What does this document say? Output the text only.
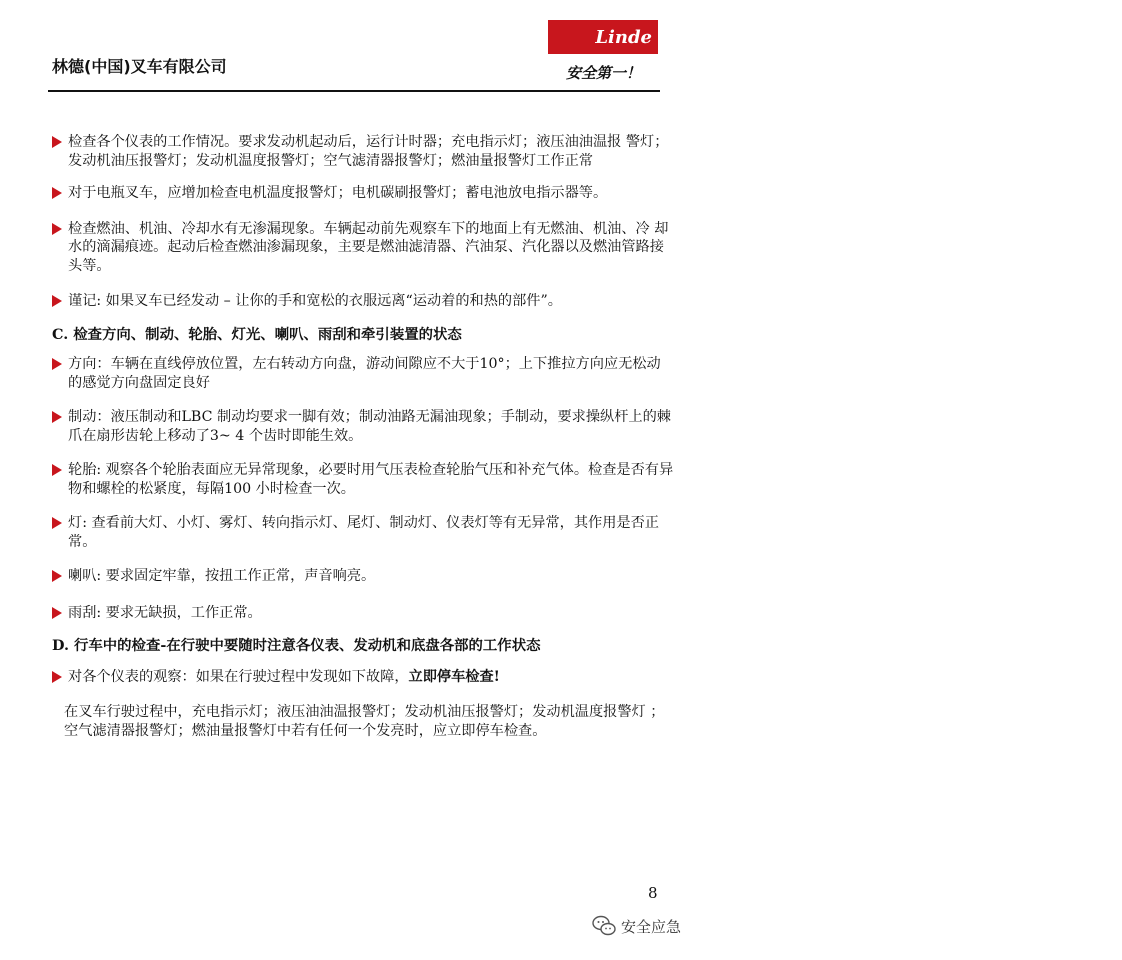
林德(中国)叉车有限公司
Linde Material Handling 林德叉车
Linde
安全第一！
检查各个仪表的工作情况。要求发动机起动后，运行计时器；充电指示灯；液压油油温报 警灯；发动机油压报警灯；发动机温度报警灯；空气滤清器报警灯；燃油量报警灯工作正常
对于电瓶叉车，应增加检查电机温度报警灯；电机碳刷报警灯；蓄电池放电指示器等。
检查燃油、机油、冷却水有无渗漏现象。车辆起动前先观察车下的地面上有无燃油、机油、冷 却水的滴漏痕迹。起动后检查燃油渗漏现象，主要是燃油滤清器、汽油泵、汽化器以及燃油管路接头等。
谨记: 如果叉车已经发动 – 让你的手和宽松的衣服远离“运动着的和热的部件”。
C. 检查方向、制动、轮胎、灯光、喇叭、雨刮和牵引装置的状态
方向：车辆在直线停放位置，左右转动方向盘，游动间隙应不大于10°；上下推拉方向应无松动的感觉方向盘固定良好
制动：液压制动和LBC 制动均要求一脚有效；制动油路无漏油现象；手制动，要求操纵杆上的棘爪在扇形齿轮上移动了3~ 4 个齿时即能生效。
轮胎: 观察各个轮胎表面应无异常现象，必要时用气压表检查轮胎气压和补充气体。检查是否有异物和螺栓的松紧度，每隔100 小时检查一次。
灯: 查看前大灯、小灯、雾灯、转向指示灯、尾灯、制动灯、仪表灯等有无异常，其作用是否正常。
喇叭: 要求固定牢靠，按扭工作正常，声音响亮。
雨刮: 要求无缺损，工作正常。
D. 行车中的检查-在行驶中要随时注意各仪表、发动机和底盘各部的工作状态
对各个仪表的观察：如果在行驶过程中发现如下故障，立即停车检查!
在叉车行驶过程中，充电指示灯；液压油油温报警灯；发动机油压报警灯；发动机温度报警灯 ；空气滤清器报警灯；燃油量报警灯中若有任何一个发亮时，应立即停车检查。
8
安全应急
